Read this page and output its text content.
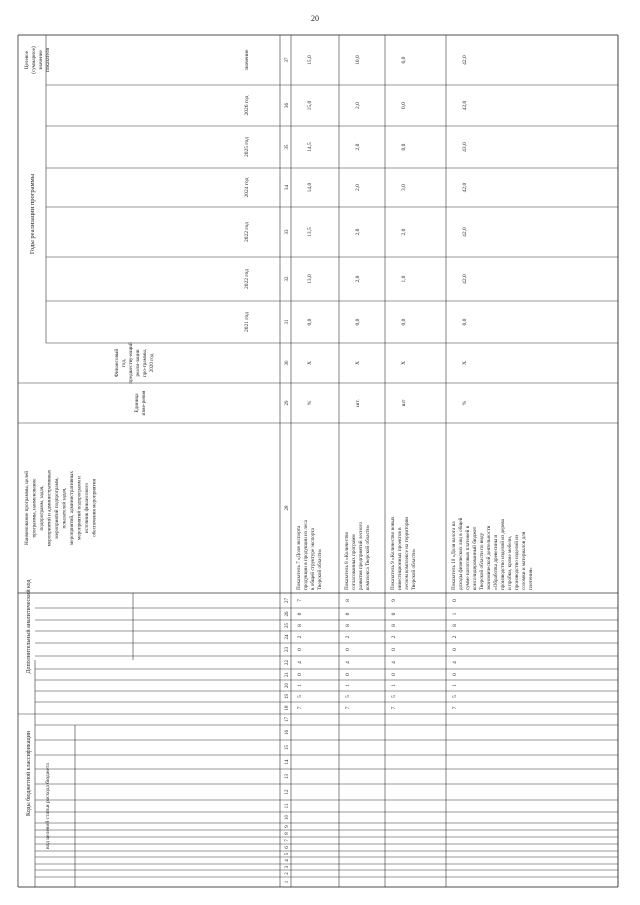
20
Коды бюджетной классификации
Дополнительный аналитический код
код целевой статьи расхода бюджета
Годы реализации программы
Целевое (суммарное) значение показателя
Единица изме-рения
Финансовый год, предшеству-ющий реали-зации про-граммы, 2020 год
Наименование программы, целей программы, наименование подпрограмм, задач, мероприятий и административных мероприятий подпрограмм, показателей задач, мероприятий, административных мероприятий подпрограмм и источник финансового обеспечения мероприятия
2021 год
2022 год
2022 год
2024 год
2025 год
2026 год
значение
1
2
3
4
5
6
7
8
9
10
11
12
13
14
15
16
17
18
19
20
21
22
23
24
25
26
27
28
29
30
31
32
33
34
35
36
37
7
5
1
0
4
0
2
8
0
7
Показатель 7 «Доля экспорта продукции в продукции из леса в общей структуре экспорта Тверской области»
%
Х
0,0
13,0
13,5
14,0
14,5
15,0
15,0
7
5
1
0
4
0
2
8
0
8
Показатель 8 «Количество согласованных программ развития предприятий лесного комплекса Тверской области»
шт.
Х
0,0
2,0
2,0
2,0
2,0
2,0
10,0
7
5
1
0
4
0
2
8
0
9
Показатель 9 «Количество новых инвестиционных проектов в лесном комплексе на территории Тверской области»
шт
Х
0,0
1,0
2,0
3,0
0,0
0,0
6,0
7
5
1
0
4
0
2
8
1
0
Показатель 10 «Доля налога на доходы физических лиц в общей сумме налоговых платежей в консолидированный бюджет Тверской области по виду экономической деятельности «Обработка древесины и производство изделий из дерева и пробки, кроме мебели, производство изделий из соломки и материалов для плетения»
%
Х
0,0
42,0
42,0
42,0
43,0
42,0
42,0
